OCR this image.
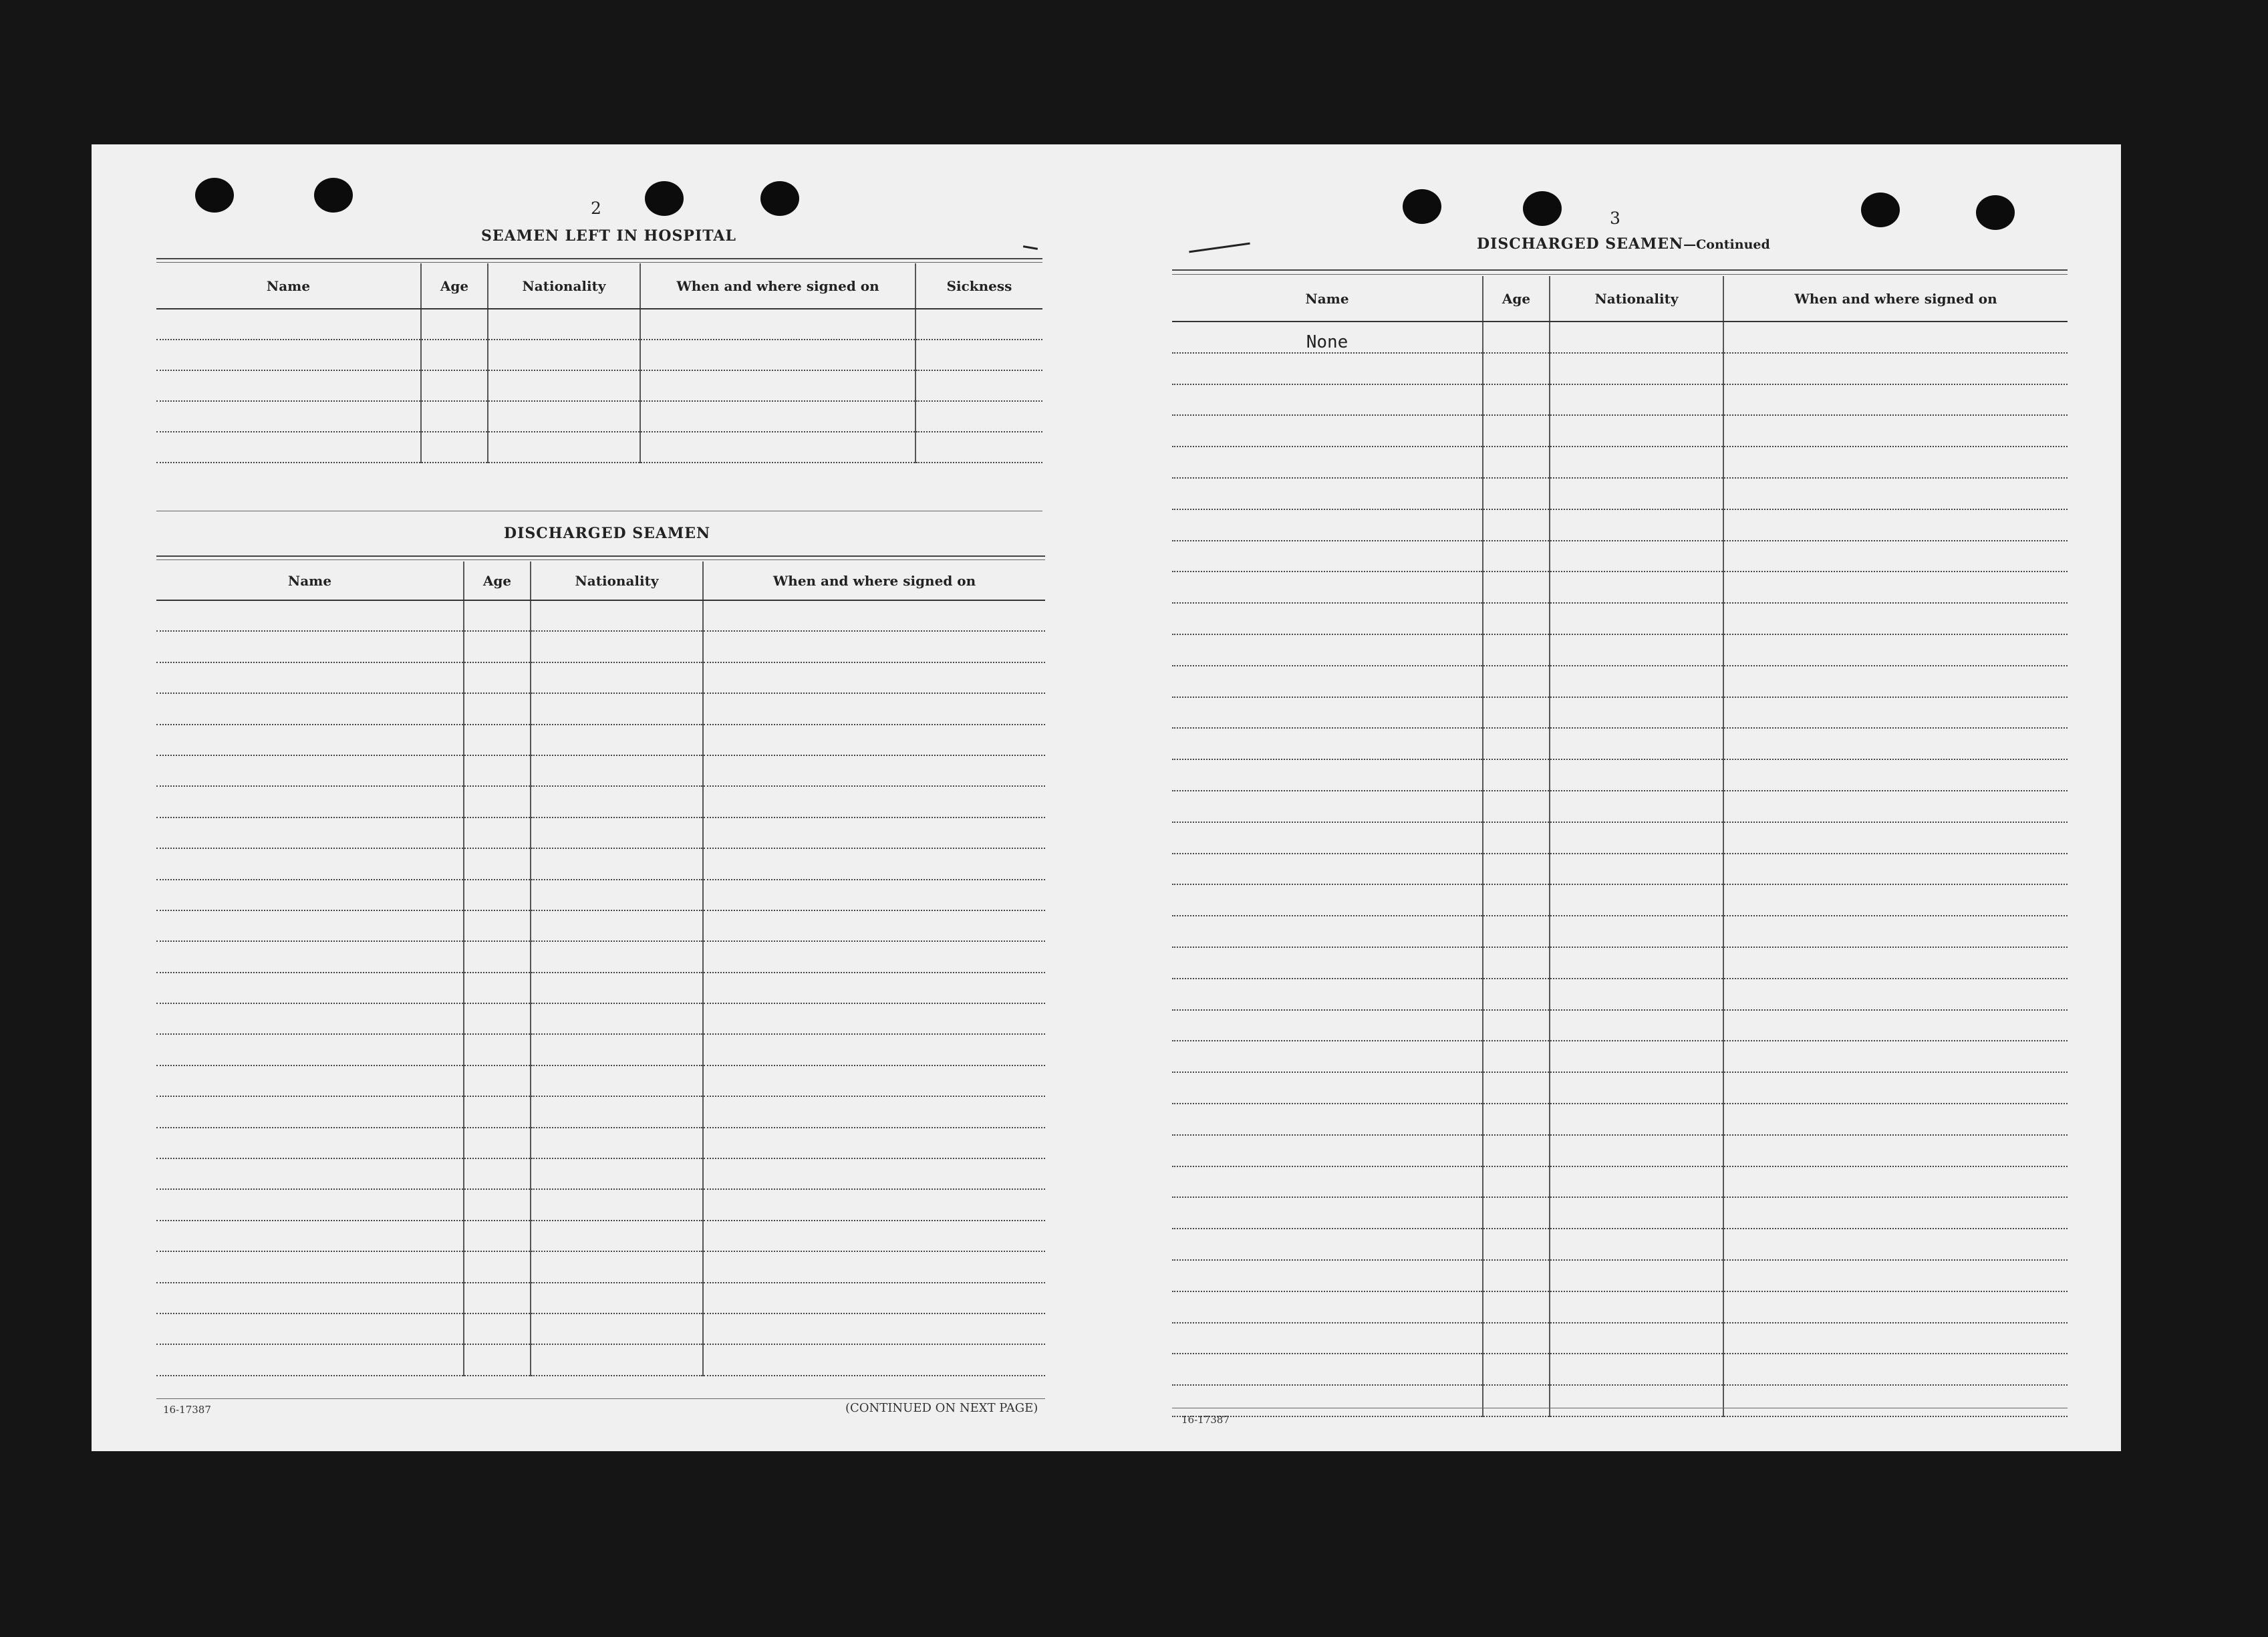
2
SEAMEN LEFT IN HOSPITAL
Name	Age	Nationality	When and where signed on	Sickness

DISCHARGED SEAMEN
Name	Age	Nationality	When and where signed on

16-17387	(CONTINUED ON NEXT PAGE)
3
DISCHARGED SEAMEN—Continued
Name	Age	Nationality	When and where signed on
None			

16-17387
